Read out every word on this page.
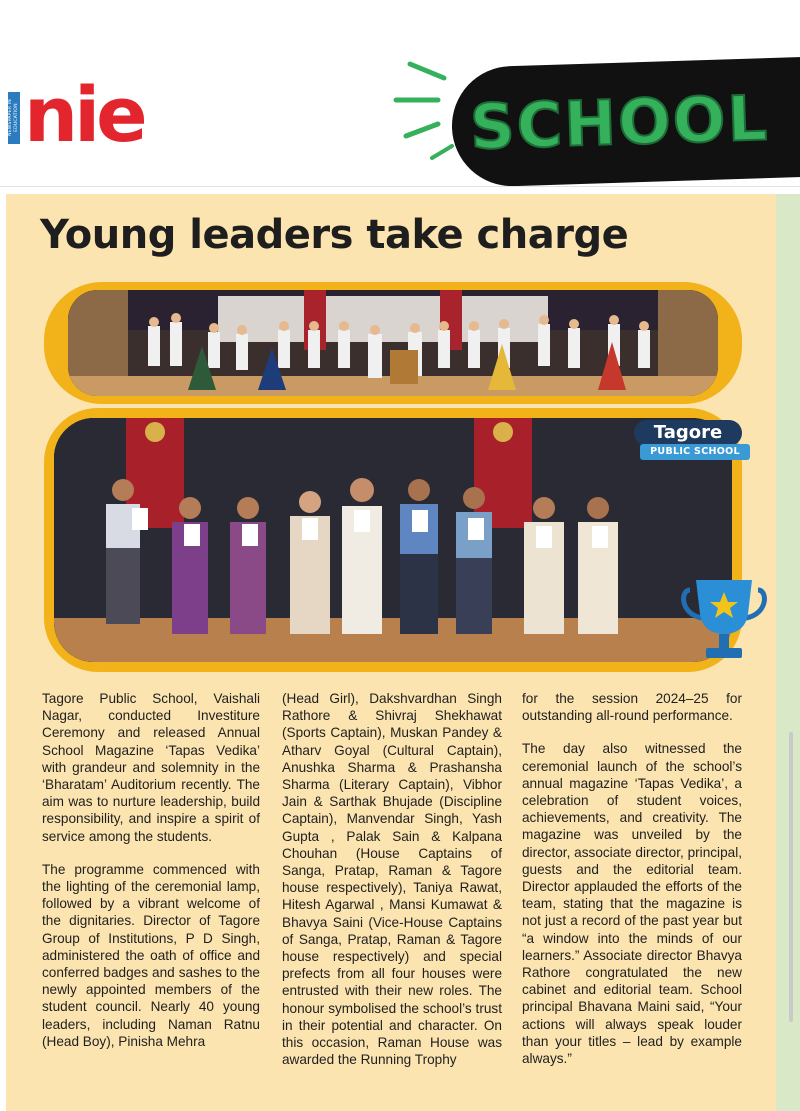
NEWSPAPER IN EDUCATION nie	SCHOOL
Young leaders take charge
Tagore
PUBLIC SCHOOL

Tagore Public School, Vaishali Nagar, conducted Investiture Ceremony and released Annual School Magazine ‘Tapas Vedika’ with grandeur and solemnity in the ‘Bharatam’ Auditorium recently. The aim was to nurture leadership, build responsibility, and inspire a spirit of service among the students.

The programme commenced with the lighting of the ceremonial lamp, followed by a vibrant welcome of the dignitaries. Director of Tagore Group of Institutions, P D Singh, administered the oath of office and conferred badges and sashes to the newly appointed members of the student council. Nearly 40 young leaders, including Naman Ratnu (Head Boy), Pinisha Mehra

(Head Girl), Dakshvardhan Singh Rathore & Shivraj Shekhawat (Sports Captain), Muskan Pandey & Atharv Goyal (Cultural Captain), Anushka Sharma & Prashansha Sharma (Literary Captain), Vibhor Jain & Sarthak Bhujade (Discipline Captain), Manvendar Singh, Yash Gupta , Palak Sain & Kalpana Chouhan (House Captains of Sanga, Pratap, Raman & Tagore house respectively), Taniya Rawat, Hitesh Agarwal , Mansi Kumawat & Bhavya Saini (Vice-House Captains of Sanga, Pratap, Raman & Tagore house respectively) and special prefects from all four houses were entrusted with their new roles. The honour symbolised the school’s trust in their potential and character. On this occasion, Raman House was awarded the Running Trophy

for the session 2024–25 for outstanding all-round performance.

The day also witnessed the ceremonial launch of the school’s annual magazine ‘Tapas Vedika’, a celebration of student voices, achievements, and creativity. The magazine was unveiled by the director, associate director, principal, guests and the editorial team. Director applauded the efforts of the team, stating that the magazine is not just a record of the past year but “a window into the minds of our learners.” Associate director Bhavya Rathore congratulated the new cabinet and editorial team. School principal Bhavana Maini said, “Your actions will always speak louder than your titles – lead by example always.”
